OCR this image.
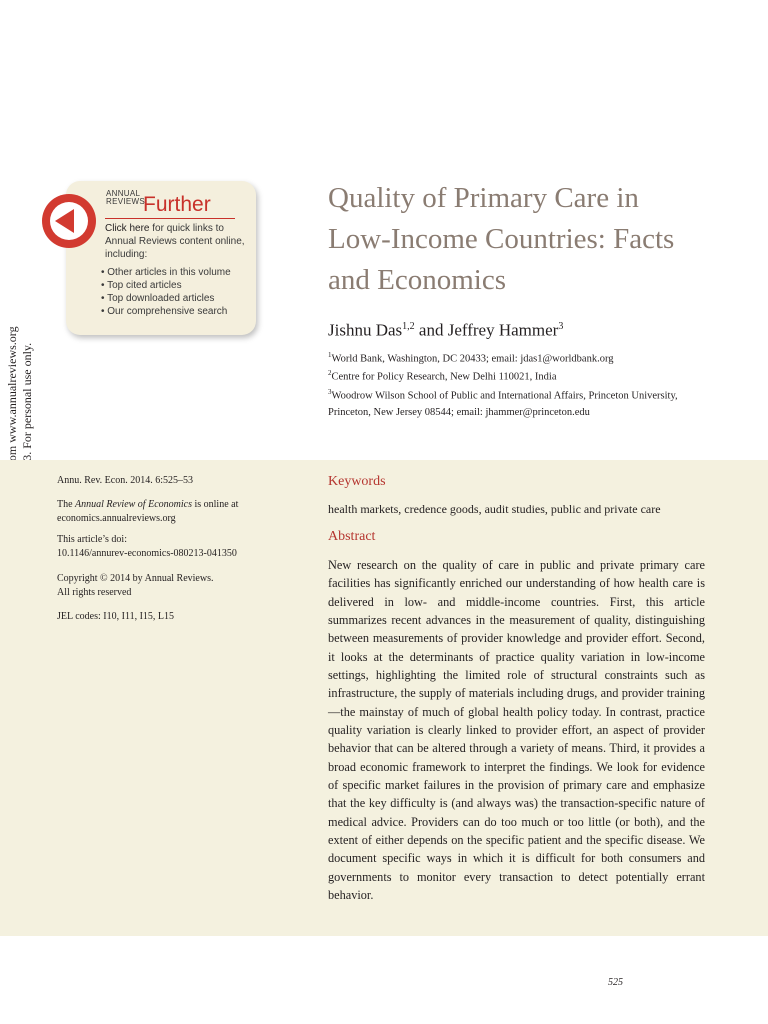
ANNUAL
REVIEWS
Further
Click here for quick links to Annual Reviews content online, including:
• Other articles in this volume
• Top cited articles
• Top downloaded articles
• Our comprehensive search
Quality of Primary Care in
Low-Income Countries: Facts
and Economics
Jishnu Das$^{1,2}$ and Jeffrey Hammer$^3$
$^1$World Bank, Washington, DC 20433; email: jdas1@worldbank.org
$^2$Centre for Policy Research, New Delhi 110021, India
$^3$Woodrow Wilson School of Public and International Affairs, Princeton University, Princeton, New Jersey 08544; email: jhammer@princeton.edu
Annu. Rev. Econ. 2014. 6:525–53
The Annual Review of Economics is online at economics.annualreviews.org
This article’s doi:
10.1146/annurev-economics-080213-041350
Copyright © 2014 by Annual Reviews.
All rights reserved
JEL codes: I10, I11, I15, L15
Keywords
health markets, credence goods, audit studies, public and private care
Abstract

New research on the quality of care in public and private primary care facilities has significantly enriched our understanding of how health care is delivered in low- and middle-income countries. First, this article summarizes recent advances in the measurement of quality, distinguishing between measurements of provider knowledge and provider effort. Second, it looks at the determinants of practice quality variation in low-income settings, highlighting the limited role of structural constraints such as infrastructure, the supply of materials including drugs, and provider training—the mainstay of much of global health policy today. In contrast, practice quality variation is clearly linked to provider effort, an aspect of provider behavior that can be altered through a variety of means. Third, it provides a broad economic framework to interpret the findings. We look for evidence of specific market failures in the provision of primary care and emphasize that the key difficulty is (and always was) the transaction-specific nature of medical advice. Providers can do too much or too little (or both), and the extent of either depends on the specific patient and the specific disease. We document specific ways in which it is difficult for both consumers and governments to monitor every transaction to detect potentially errant behavior.

525
